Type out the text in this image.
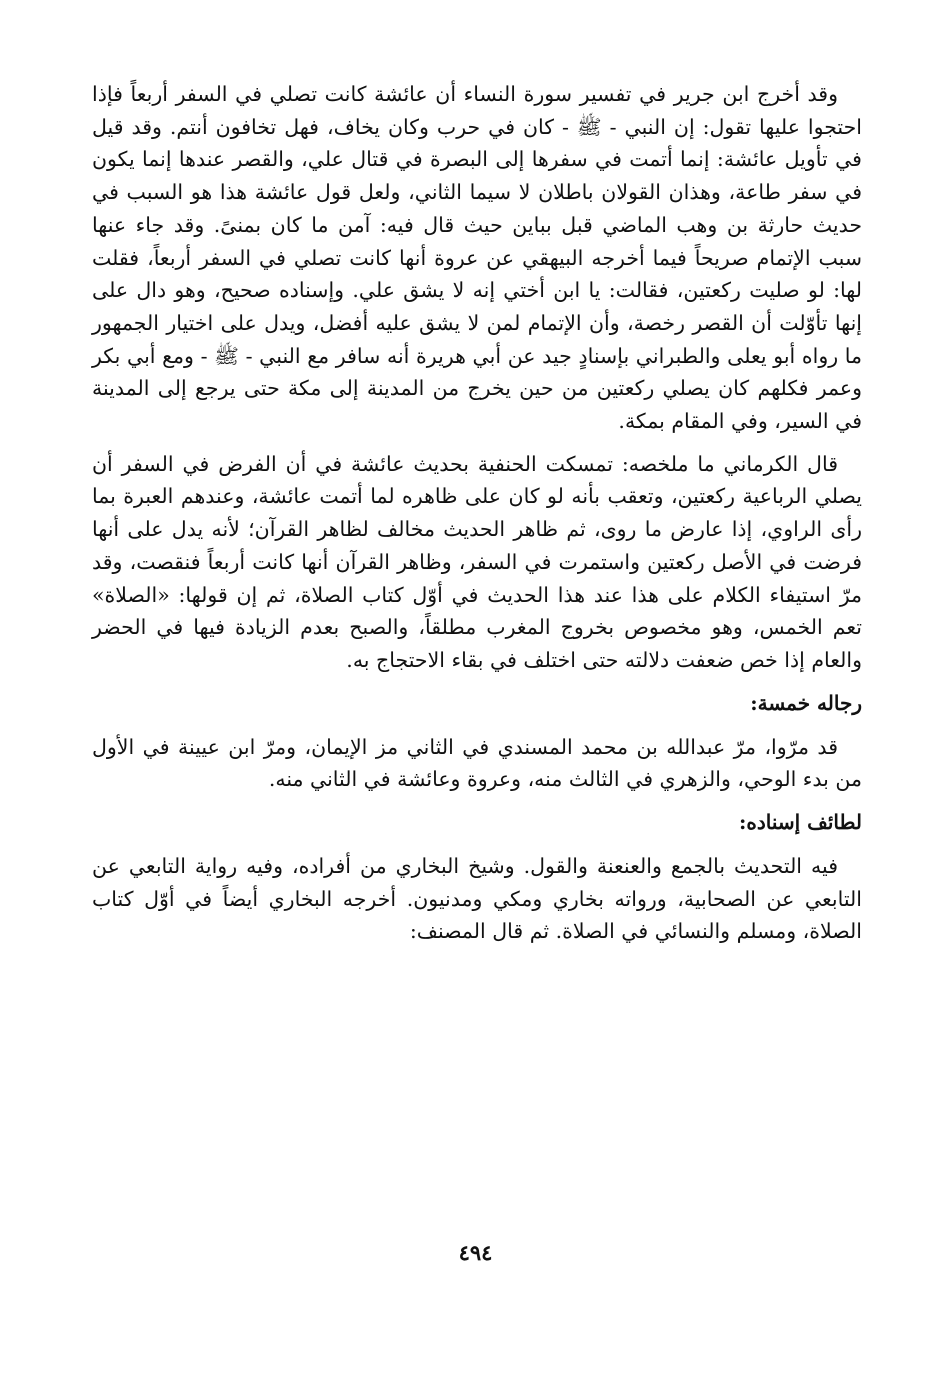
وقد أخرج ابن جرير في تفسير سورة النساء أن عائشة كانت تصلي في السفر أربعاً فإذا احتجوا عليها تقول: إن النبي - ﷺ - كان في حرب وكان يخاف، فهل تخافون أنتم. وقد قيل في تأويل عائشة: إنما أتمت في سفرها إلى البصرة في قتال علي، والقصر عندها إنما يكون في سفر طاعة، وهذان القولان باطلان لا سيما الثاني، ولعل قول عائشة هذا هو السبب في حديث حارثة بن وهب الماضي قبل بباين حيث قال فيه: آمن ما كان بمنىً. وقد جاء عنها سبب الإتمام صريحاً فيما أخرجه البيهقي عن عروة أنها كانت تصلي في السفر أربعاً، فقلت لها: لو صليت ركعتين، فقالت: يا ابن أختي إنه لا يشق علي. وإسناده صحيح، وهو دال على إنها تأوّلت أن القصر رخصة، وأن الإتمام لمن لا يشق عليه أفضل، ويدل على اختيار الجمهور ما رواه أبو يعلى والطبراني بإسنادٍ جيد عن أبي هريرة أنه سافر مع النبي - ﷺ - ومع أبي بكر وعمر فكلهم كان يصلي ركعتين من حين يخرج من المدينة إلى مكة حتى يرجع إلى المدينة في السير، وفي المقام بمكة.

قال الكرماني ما ملخصه: تمسكت الحنفية بحديث عائشة في أن الفرض في السفر أن يصلي الرباعية ركعتين، وتعقب بأنه لو كان على ظاهره لما أتمت عائشة، وعندهم العبرة بما رأى الراوي، إذا عارض ما روى، ثم ظاهر الحديث مخالف لظاهر القرآن؛ لأنه يدل على أنها فرضت في الأصل ركعتين واستمرت في السفر، وظاهر القرآن أنها كانت أربعاً فنقصت، وقد مرّ استيفاء الكلام على هذا عند هذا الحديث في أوّل كتاب الصلاة، ثم إن قولها: «الصلاة» تعم الخمس، وهو مخصوص بخروج المغرب مطلقاً، والصبح بعدم الزيادة فيها في الحضر والعام إذا خص ضعفت دلالته حتى اختلف في بقاء الاحتجاج به.

رجاله خمسة:

قد مرّوا، مرّ عبدالله بن محمد المسندي في الثاني مز الإيمان، ومرّ ابن عيينة في الأول من بدء الوحي، والزهري في الثالث منه، وعروة وعائشة في الثاني منه.

لطائف إسناده:

فيه التحديث بالجمع والعنعنة والقول. وشيخ البخاري من أفراده، وفيه رواية التابعي عن التابعي عن الصحابية، ورواته بخاري ومكي ومدنيون. أخرجه البخاري أيضاً في أوّل كتاب الصلاة، ومسلم والنسائي في الصلاة. ثم قال المصنف:

٤٩٤
